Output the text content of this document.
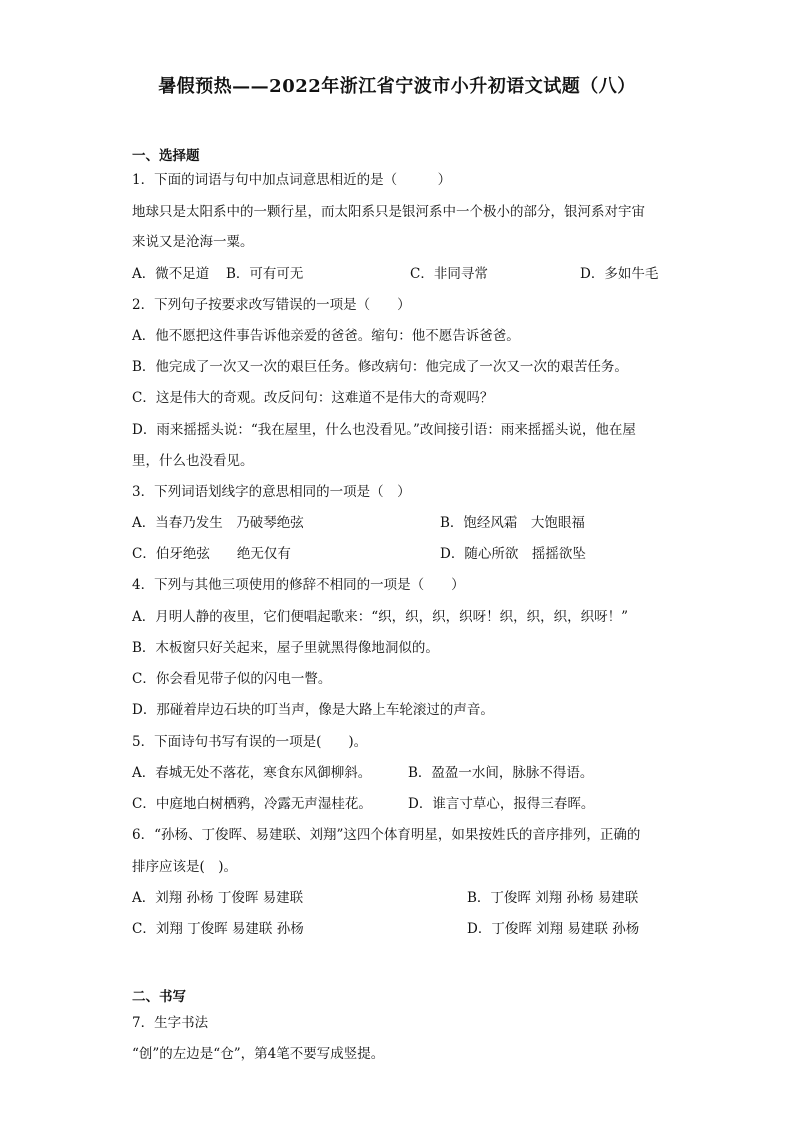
暑假预热——2022年浙江省宁波市小升初语文试题（八）
一、选择题
1．下面的词语与句中加点词意思相近的是（　　　）
地球只是太阳系中的一颗行星，而太阳系只是银河系中一个极小的部分，银河系对宇宙
来说又是沧海一粟。
A．微不足道 B．可有可无	C．非同寻常	D．多如牛毛
2．下列句子按要求改写错误的一项是（　　）
A．他不愿把这件事告诉他亲爱的爸爸。缩句：他不愿告诉爸爸。
B．他完成了一次又一次的艰巨任务。修改病句：他完成了一次又一次的艰苦任务。
C．这是伟大的奇观。改反问句：这难道不是伟大的奇观吗？
D．雨来摇摇头说：“我在屋里，什么也没看见。”改间接引语：雨来摇摇头说，他在屋
里，什么也没看见。
3．下列词语划线字的意思相同的一项是（　）
A．当春乃发生　乃破琴绝弦	B．饱经风霜　大饱眼福
C．伯牙绝弦　　绝无仅有	D．随心所欲　摇摇欲坠
4．下列与其他三项使用的修辞不相同的一项是（　　）
A．月明人静的夜里，它们便唱起歌来：“织，织，织，织呀！织，织，织，织呀！”
B．木板窗只好关起来，屋子里就黑得像地洞似的。
C．你会看见带子似的闪电一瞥。
D．那碰着岸边石块的叮当声，像是大路上车轮滚过的声音。
5．下面诗句书写有误的一项是(　　)。
A．春城无处不落花，寒食东风御柳斜。	B．盈盈一水间，脉脉不得语。
C．中庭地白树栖鸦，冷露无声湿桂花。	D．谁言寸草心，报得三春晖。
6．“孙杨、丁俊晖、易建联、刘翔”这四个体育明星，如果按姓氏的音序排列，正确的
排序应该是(　)。
A．刘翔 孙杨 丁俊晖 易建联	B．丁俊晖 刘翔 孙杨 易建联
C．刘翔 丁俊晖 易建联 孙杨	D．丁俊晖 刘翔 易建联 孙杨
二、书写
7．生字书法
“创”的左边是“仓”，第4笔不要写成竖提。
